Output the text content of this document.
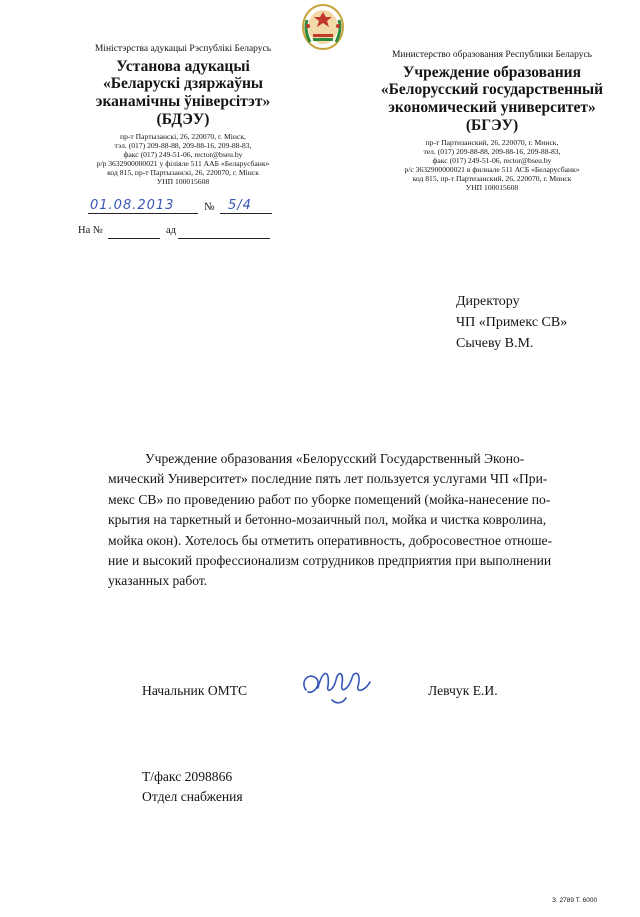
Міністэрства адукацыі Рэспублікі Беларусь
Установа адукацыі
«Беларускі дзяржаўны
эканамічны ўніверсітэт»
(БДЭУ)
пр-т Партызанскі, 26, 220070, г. Мінск,
тэл. (017) 209-88-88, 209-88-16, 209-88-83,
факс (017) 249-51-06, rector@bseu.by
р/р 3632900000021 у філіяле 511 ААБ «Беларусбанк»
код 815, пр-т Партызанскі, 26, 220070, г. Мінск
УНП 100015608
Министерство образования Республики Беларусь
Учреждение образования
«Белорусский государственный
экономический университет»
(БГЭУ)
пр-т Партизанский, 26, 220070, г. Минск,
тел. (017) 209-88-88, 209-88-16, 209-88-83,
факс (017) 249-51-06, rector@bseu.by
р/с 3632900000021 в филиале 511 АСБ «Беларусбанк»
код 815, пр-т Партизанский, 26, 220070, г. Минск
УНП 100015608
01.08.2013	№ 5/4
На №	ад
Директору
ЧП «Примекс СВ»
Сычеву В.М.
Учреждение образования «Белорусский Государственный Эконо-
мический Университет» последние пять лет пользуется услугами ЧП «При-
мекс СВ» по проведению работ по уборке помещений (мойка-нанесение по-
крытия на таркетный и бетонно-мозаичный пол, мойка и чистка ковролина,
мойка окон). Хотелось бы отметить оперативность, добросовестное отноше-
ние и высокий профессионализм сотрудников предприятия при выполнении
указанных работ.
Начальник ОМТС	Левчук Е.И.
Т/факс 2098866
Отдел снабжения
З. 2789 Т. 6000
